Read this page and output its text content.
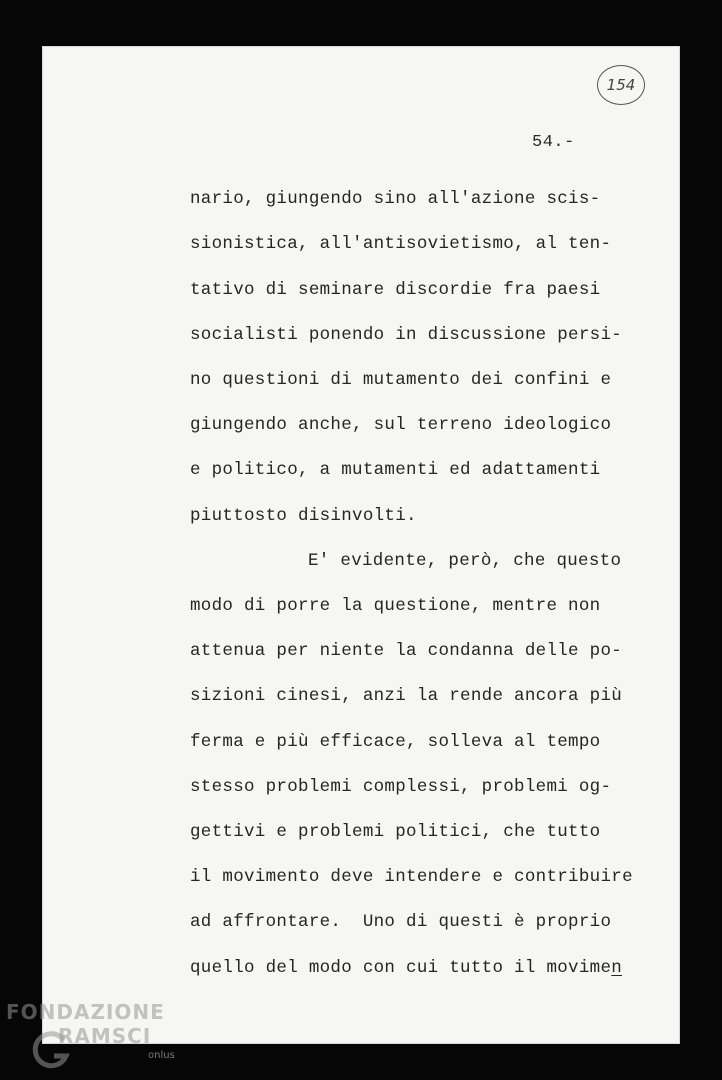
154
54.-
nario, giungendo sino all'azione scis-
sionistica, all'antisovietismo, al ten-
tativo di seminare discordie fra paesi
socialisti ponendo in discussione persi-
no questioni di mutamento dei confini e
giungendo anche, sul terreno ideologico
e politico, a mutamenti ed adattamenti
piuttosto disinvolti.
E' evidente, però, che questo
modo di porre la questione, mentre non
attenua per niente la condanna delle po-
sizioni cinesi, anzi la rende ancora più
ferma e più efficace, solleva al tempo
stesso problemi complessi, problemi og-
gettivi e problemi politici, che tutto
il movimento deve intendere e contribuire
ad affrontare.  Uno di questi è proprio
quello del modo con cui tutto il movimen
FONDAZIONE
RAMSCI
onlus
